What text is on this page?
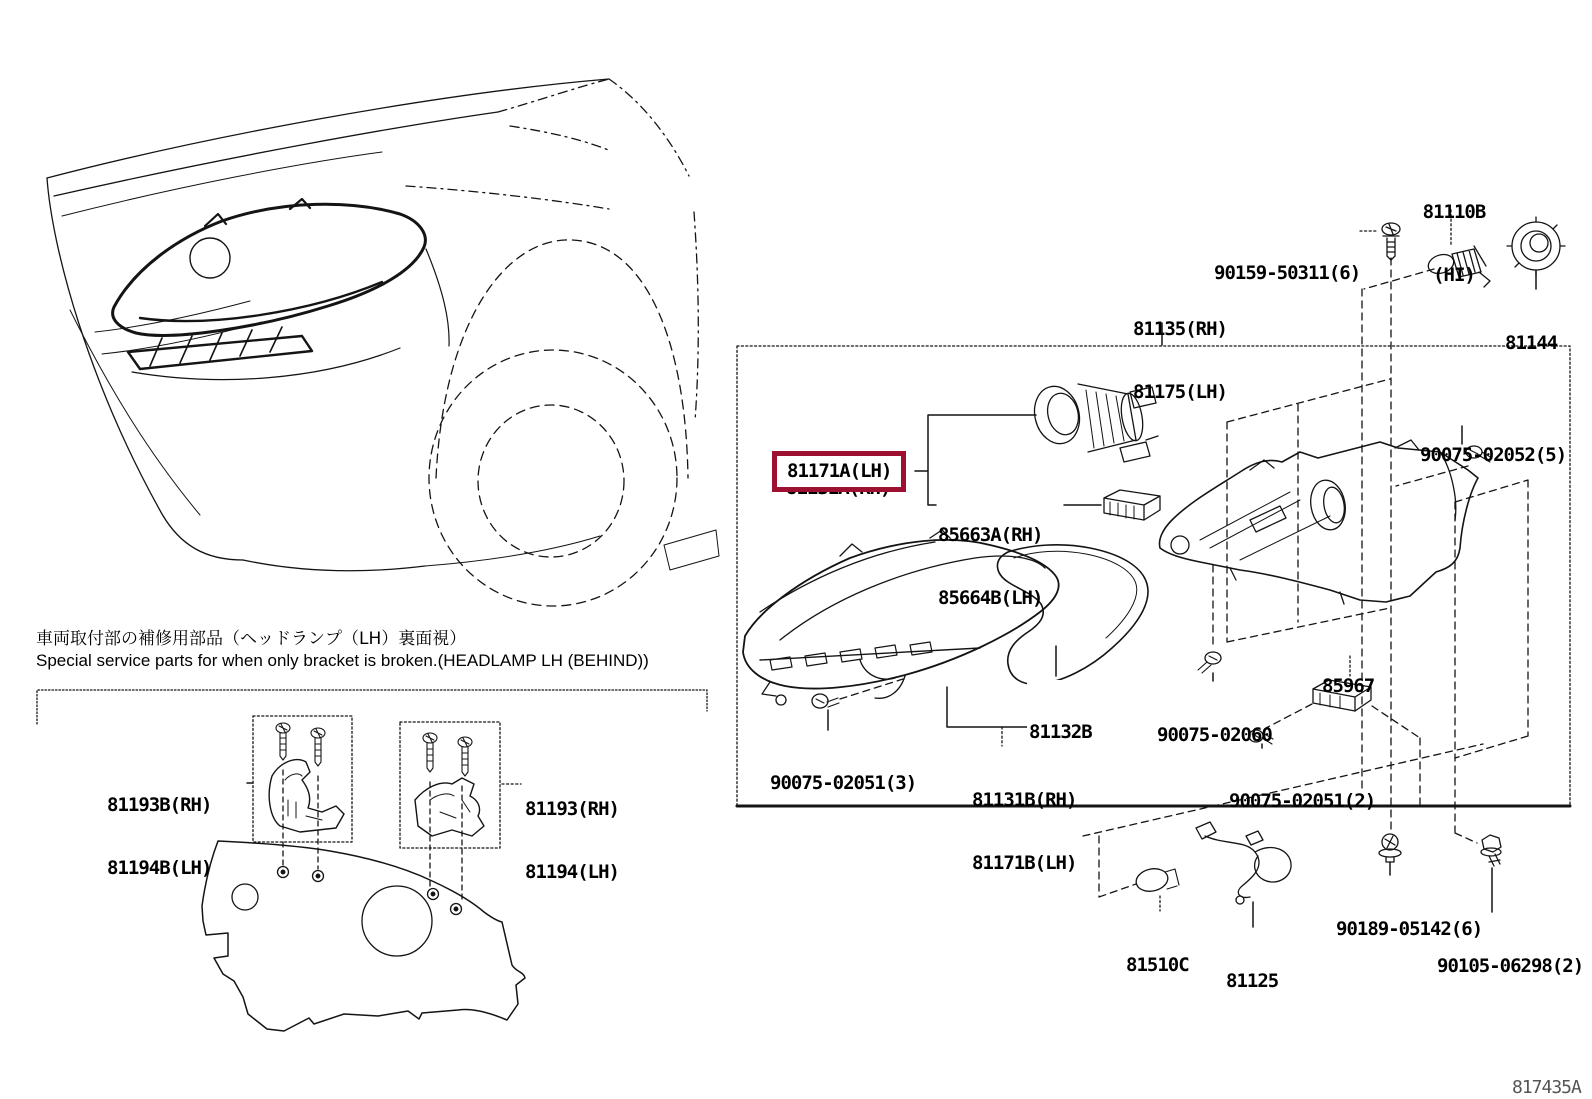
81110B

(HI)

90159-50311(6)

81135(RH)

81175(LH)

81144

90075-02052(5)

81171A(LH)

85663A(RH)

85664B(LH)

81132B

90075-02051(3)

81131B(RH)

81171B(LH)

90075-02060

85967

90075-02051(2)

90189-05142(6)

90105-06298(2)

81510C

81125

81193B(RH)

81194B(LH)

81193(RH)

81194(LH)

車両取付部の補修用部品（ヘッドランプ（LH）裏面視）
Special service parts for when only bracket is broken.(HEADLAMP LH (BEHIND))
817435A
